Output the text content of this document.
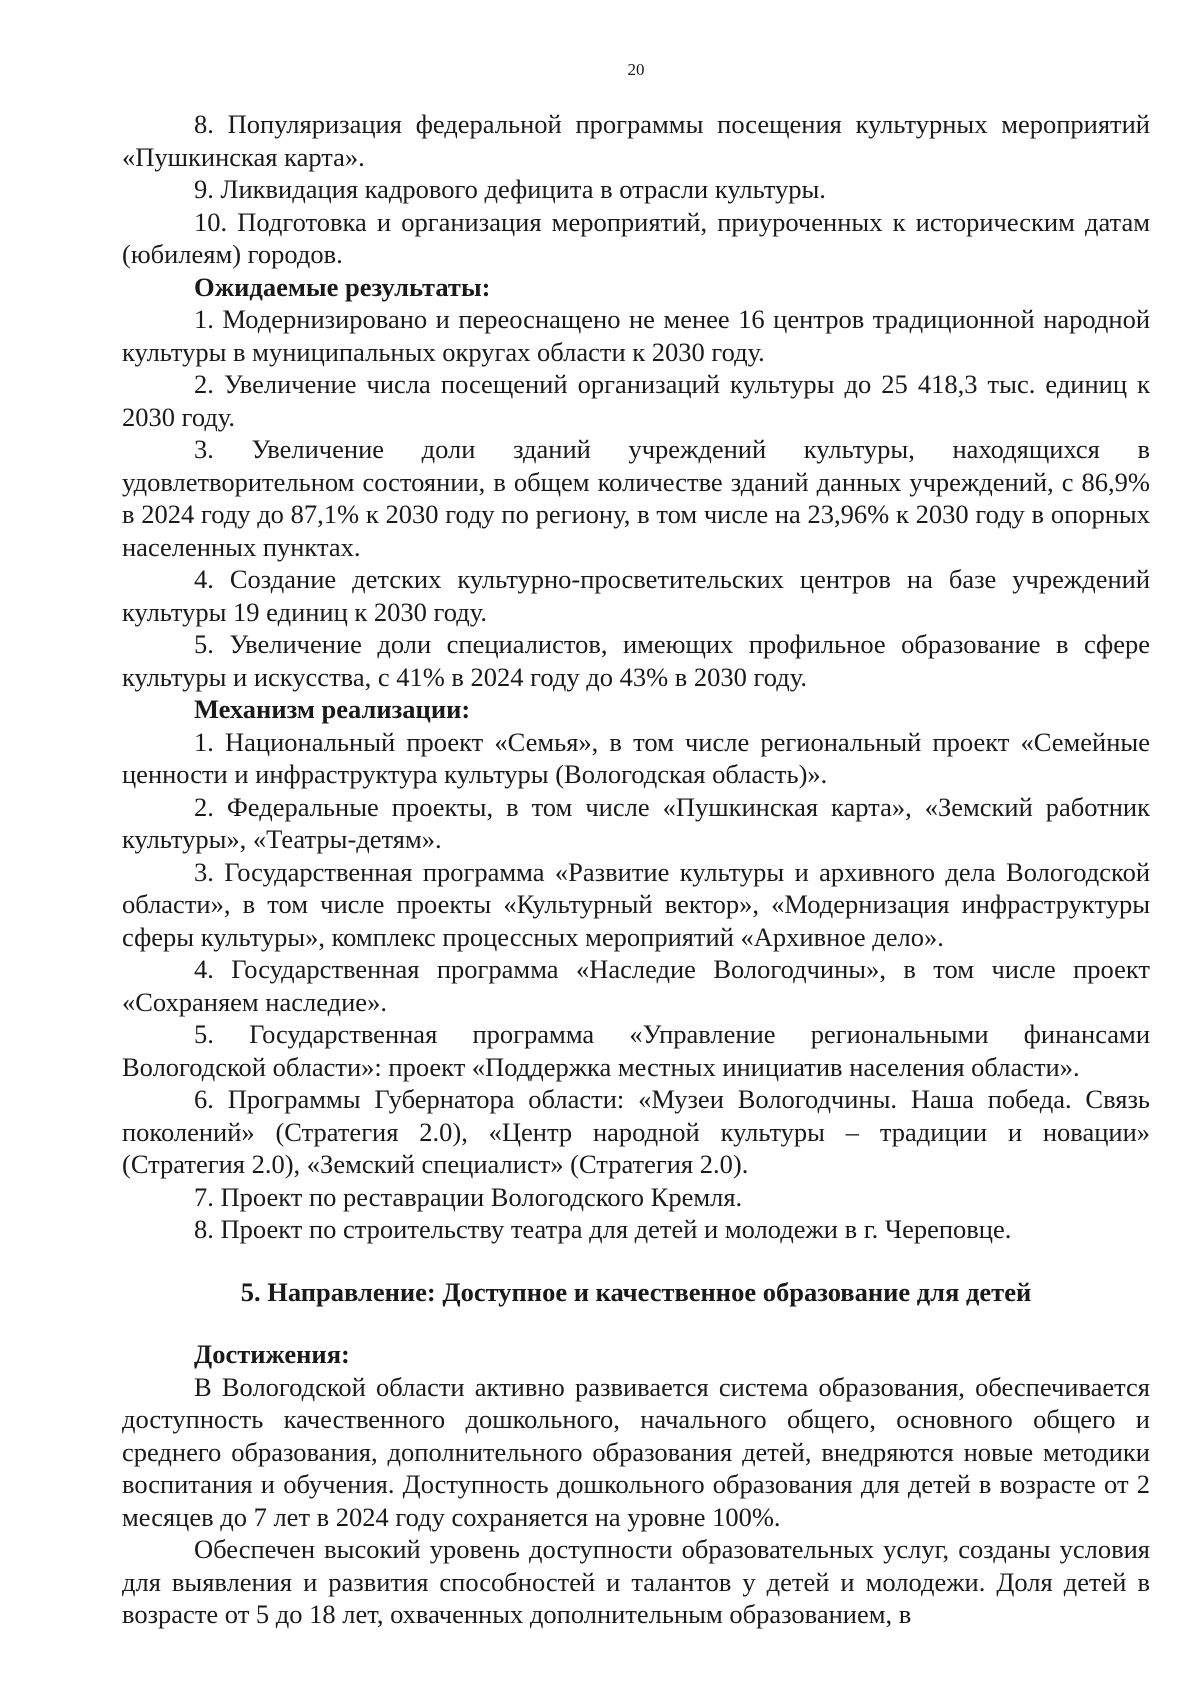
20

8. Популяризация федеральной программы посещения культурных мероприятий «Пушкинская карта».

9. Ликвидация кадрового дефицита в отрасли культуры.

10. Подготовка и организация мероприятий, приуроченных к историческим датам (юбилеям) городов.

Ожидаемые результаты:

1. Модернизировано и переоснащено не менее 16 центров традиционной народной культуры в муниципальных округах области к 2030 году.

2. Увеличение числа посещений организаций культуры до 25 418,3 тыс. единиц к 2030 году.

3. Увеличение доли зданий учреждений культуры, находящихся в удовлетворительном состоянии, в общем количестве зданий данных учреждений, с 86,9% в 2024 году до 87,1% к 2030 году по региону, в том числе на 23,96% к 2030 году в опорных населенных пунктах.

4. Создание детских культурно-просветительских центров на базе учреждений культуры 19 единиц к 2030 году.

5. Увеличение доли специалистов, имеющих профильное образование в сфере культуры и искусства, с 41% в 2024 году до 43% в 2030 году.

Механизм реализации:

1. Национальный проект «Семья», в том числе региональный проект «Семейные ценности и инфраструктура культуры (Вологодская область)».

2. Федеральные проекты, в том числе «Пушкинская карта», «Земский работник культуры», «Театры-детям».

3. Государственная программа «Развитие культуры и архивного дела Вологодской области», в том числе проекты «Культурный вектор», «Модернизация инфраструктуры сферы культуры», комплекс процессных мероприятий «Архивное дело».

4. Государственная программа «Наследие Вологодчины», в том числе проект «Сохраняем наследие».

5. Государственная программа «Управление региональными финансами Вологодской области»: проект «Поддержка местных инициатив населения области».

6. Программы Губернатора области: «Музеи Вологодчины. Наша победа. Связь поколений» (Стратегия 2.0), «Центр народной культуры – традиции и новации» (Стратегия 2.0), «Земский специалист» (Стратегия 2.0).

7. Проект по реставрации Вологодского Кремля.

8. Проект по строительству театра для детей и молодежи в г. Череповце.

5. Направление: Доступное и качественное образование для детей

Достижения:

В Вологодской области активно развивается система образования, обеспечивается доступность качественного дошкольного, начального общего, основного общего и среднего образования, дополнительного образования детей, внедряются новые методики воспитания и обучения. Доступность дошкольного образования для детей в возрасте от 2 месяцев до 7 лет в 2024 году сохраняется на уровне 100%.

Обеспечен высокий уровень доступности образовательных услуг, созданы условия для выявления и развития способностей и талантов у детей и молодежи. Доля детей в возрасте от 5 до 18 лет, охваченных дополнительным образованием, в
